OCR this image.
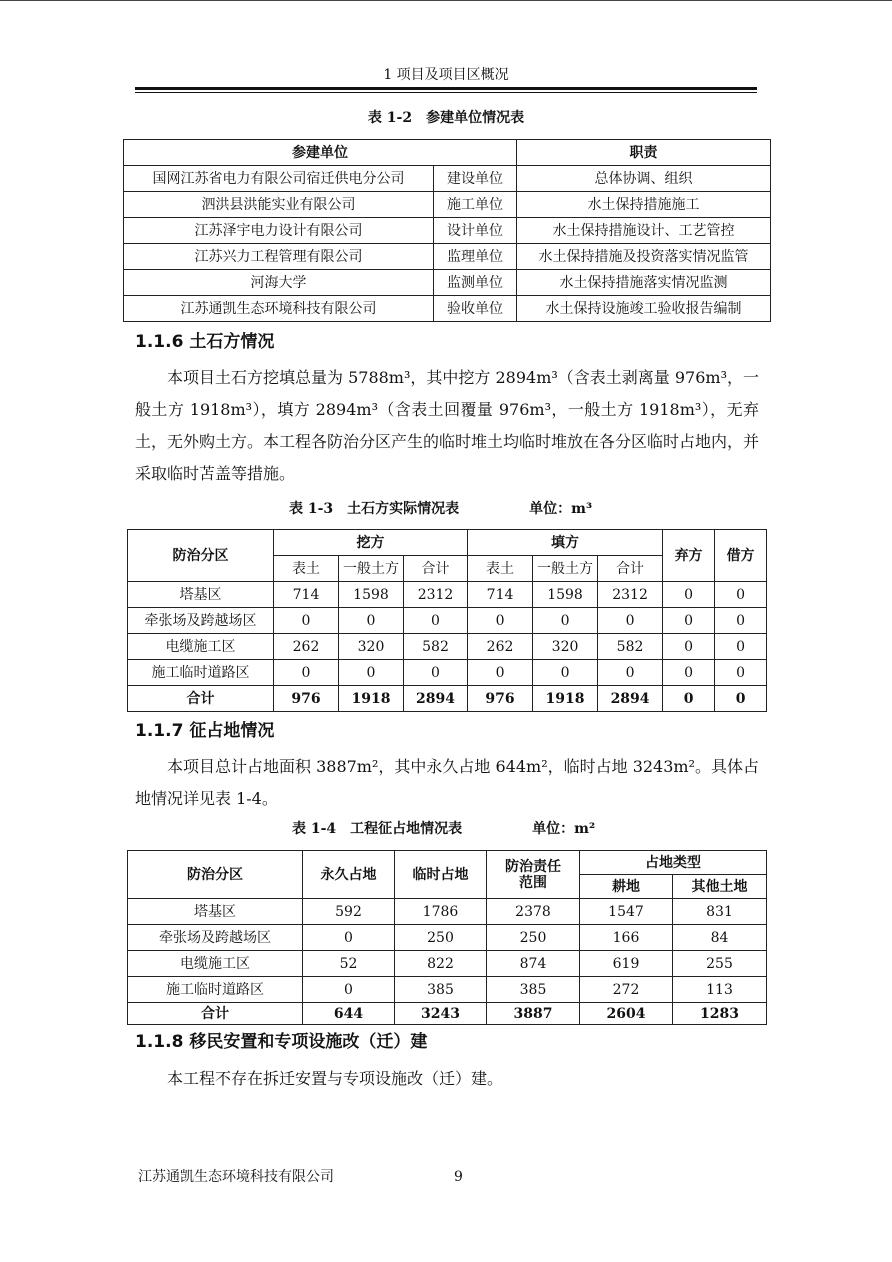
1 项目及项目区概况
表 1-2　参建单位情况表
参建单位		职责
国网江苏省电力有限公司宿迁供电分公司	建设单位	总体协调、组织
泗洪县洪能实业有限公司	施工单位	水土保持措施施工
江苏泽宇电力设计有限公司	设计单位	水土保持措施设计、工艺管控
江苏兴力工程管理有限公司	监理单位	水土保持措施及投资落实情况监管
河海大学	监测单位	水土保持措施落实情况监测
江苏通凯生态环境科技有限公司	验收单位	水土保持设施竣工验收报告编制
1.1.6 土石方情况

本项目土石方挖填总量为 5788m³，其中挖方 2894m³（含表土剥离量 976m³，一般土方 1918m³），填方 2894m³（含表土回覆量 976m³，一般土方 1918m³），无弃土，无外购土方。本工程各防治分区产生的临时堆土均临时堆放在各分区临时占地内，并采取临时苫盖等措施。

表 1-3　土石方实际情况表	单位：m³
防治分区	挖方			填方			弃方	借方
	表土	一般土方	合计	表土	一般土方	合计		
塔基区	714	1598	2312	714	1598	2312	0	0
牵张场及跨越场区	0	0	0	0	0	0	0	0
电缆施工区	262	320	582	262	320	582	0	0
施工临时道路区	0	0	0	0	0	0	0	0
合计	976	1918	2894	976	1918	2894	0	0
1.1.7 征占地情况

本项目总计占地面积 3887m²，其中永久占地 644m²，临时占地 3243m²。具体占地情况详见表 1-4。

表 1-4　工程征占地情况表	单位：m²
防治分区	永久占地	临时占地	防治责任
范围	占地类型	
				耕地	其他土地
塔基区	592	1786	2378	1547	831
牵张场及跨越场区	0	250	250	166	84
电缆施工区	52	822	874	619	255
施工临时道路区	0	385	385	272	113
合计	644	3243	3887	2604	1283
1.1.8 移民安置和专项设施改（迁）建

本工程不存在拆迁安置与专项设施改（迁）建。

江苏通凯生态环境科技有限公司	9
